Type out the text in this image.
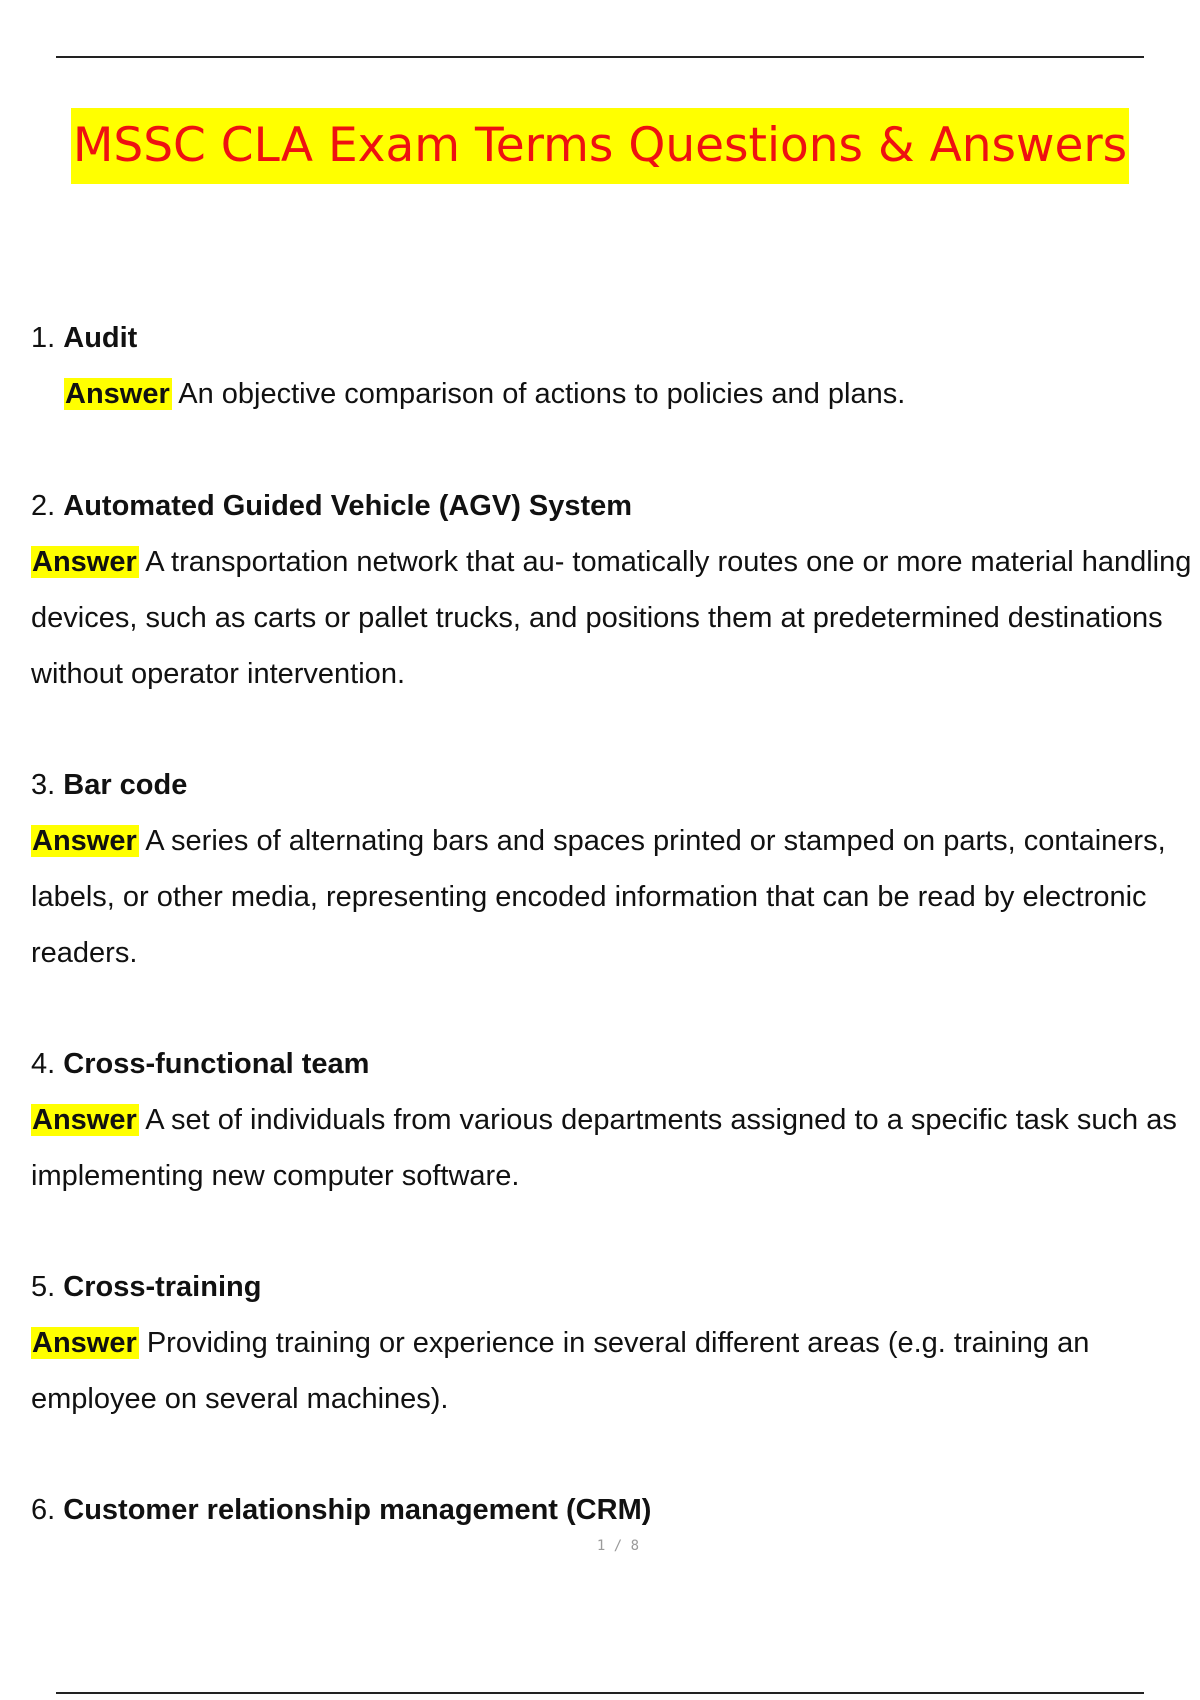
MSSC CLA Exam Terms Questions & Answers

1. Audit

Answer An objective comparison of actions to policies and plans.

2. Automated Guided Vehicle (AGV) System

Answer A transportation network that au- tomatically routes one or more material handling devices, such as carts or pallet trucks, and positions them at predetermined destinations without operator intervention.

3. Bar code

Answer A series of alternating bars and spaces printed or stamped on parts, containers, labels, or other media, representing encoded information that can be read by electronic readers.

4. Cross-functional team

Answer A set of individuals from various departments assigned to a specific task such as implementing new computer software.

5. Cross-training

Answer Providing training or experience in several different areas (e.g. training an employee on several machines).

6. Customer relationship management (CRM)

1 / 8
